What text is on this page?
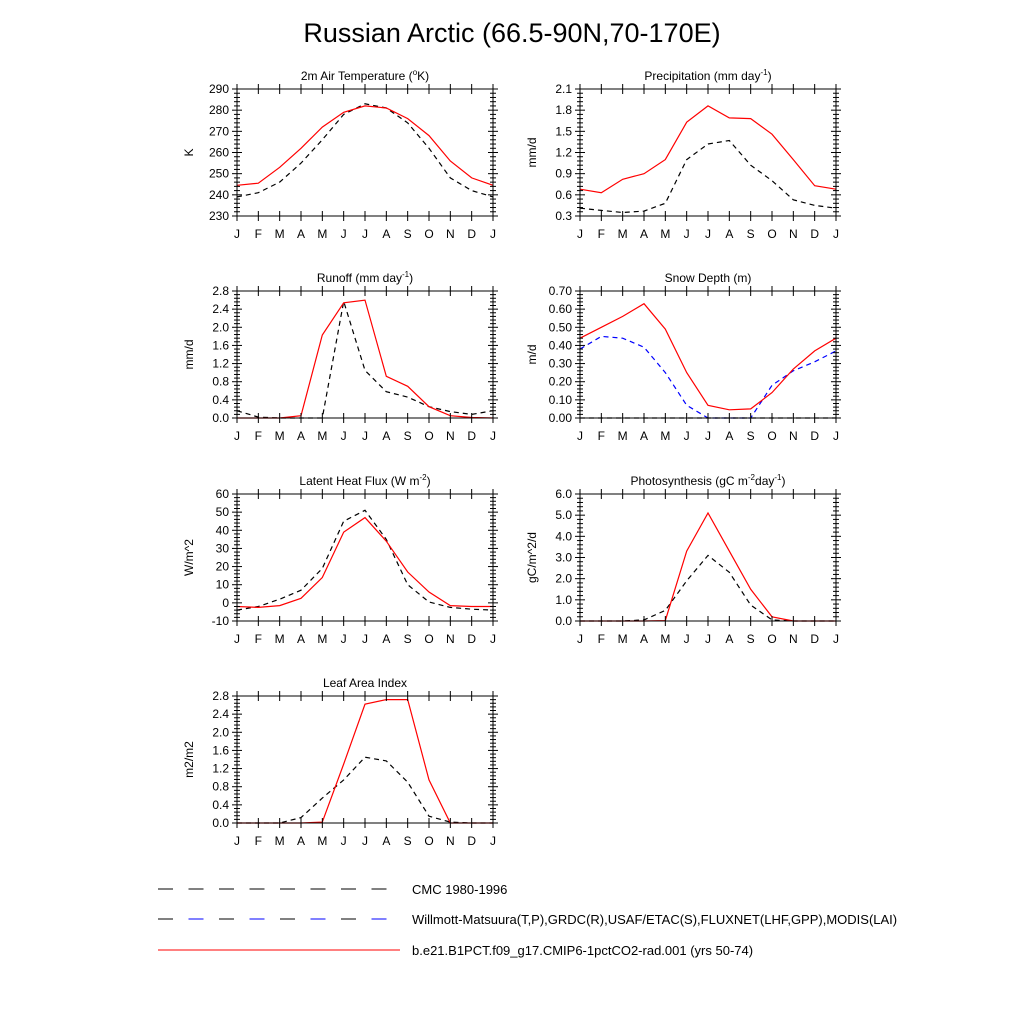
Russian Arctic (66.5-90N,70-170E)
2m Air Temperature ($^o$K)
K
230
240
250
260
270
280
290
J F M A M J J A S O N D J
Precipitation (mm day$^{-1}$)
mm/d
0.3
0.6
0.9
1.2
1.5
1.8
2.1
J F M A M J J A S O N D J
Runoff (mm day$^{-1}$)
mm/d
0.0
0.4
0.8
1.2
1.6
2.0
2.4
2.8
J F M A M J J A S O N D J
Snow Depth (m)
m/d
0.00
0.10
0.20
0.30
0.40
0.50
0.60
0.70
J F M A M J J A S O N D J
Latent Heat Flux (W $m^{-2}$)
W/m^2
-10
0
10
20
30
40
50
60
J F M A M J J A S O N D J
Photosynthesis (gC $m^{-2}day^{-1}$)
gC/m^2/d
0.0
1.0
2.0
3.0
4.0
5.0
6.0
J F M A M J J A S O N D J
Leaf Area Index
m2/m2
0.0
0.4
0.8
1.2
1.6
2.0
2.4
2.8
J F M A M J J A S O N D J
CMC 1980-1996
Willmott-Matsuura(T,P),GRDC(R),USAF/ETAC(S),FLUXNET(LHF,GPP),MODIS(LAI)
b.e21.B1PCT.f09_g17.CMIP6-1pctCO2-rad.001 (yrs 50-74)
